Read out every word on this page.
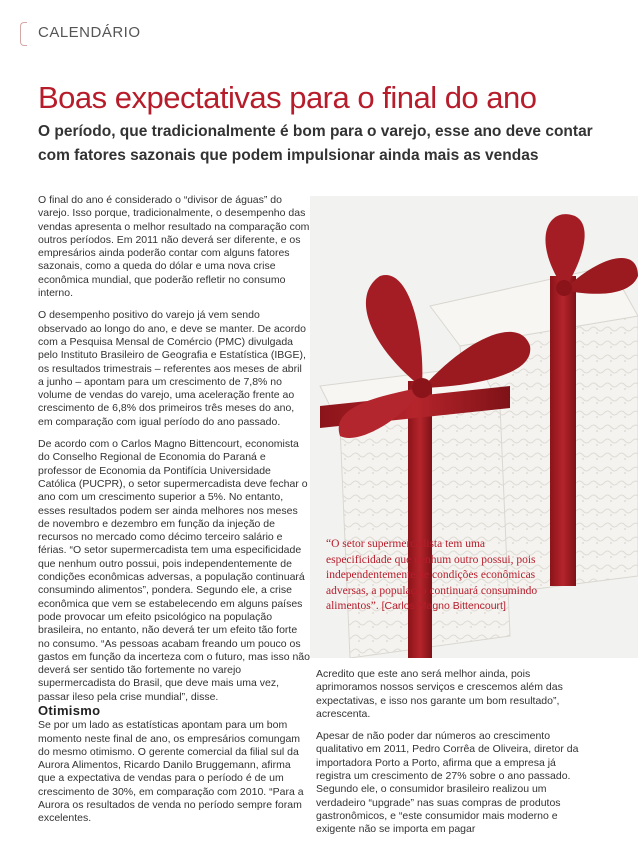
CALENDÁRIO
Boas expectativas para o final do ano
O período, que tradicionalmente é bom para o varejo, esse ano deve contar com fatores sazonais que podem impulsionar ainda mais as vendas
“O setor supermercadista tem uma especificidade que nenhum outro possui, pois independentemente de condições econômicas adversas, a população continuará consumindo alimentos”. [Carlos Magno Bittencourt]

O final do ano é considerado o “divisor de águas” do varejo. Isso porque, tradicionalmente, o desempenho das vendas apresenta o melhor resultado na comparação com outros períodos. Em 2011 não deverá ser diferente, e os empresários ainda poderão contar com alguns fatores sazonais, como a queda do dólar e uma nova crise econômica mundial, que poderão refletir no consumo interno.

O desempenho positivo do varejo já vem sendo observado ao longo do ano, e deve se manter. De acordo com a Pesquisa Mensal de Comércio (PMC) divulgada pelo Instituto Brasileiro de Geografia e Estatística (IBGE), os resultados trimestrais – referentes aos meses de abril a junho – apontam para um crescimento de 7,8% no volume de vendas do varejo, uma aceleração frente ao crescimento de 6,8% dos primeiros três meses do ano, em comparação com igual período do ano passado.

De acordo com o Carlos Magno Bittencourt, economista do Conselho Regional de Economia do Paraná e professor de Economia da Pontifícia Universidade Católica (PUCPR), o setor supermercadista deve fechar o ano com um crescimento superior a 5%. No entanto, esses resultados podem ser ainda melhores nos meses de novembro e dezembro em função da injeção de recursos no mercado como décimo terceiro salário e férias. “O setor supermercadista tem uma especificidade que nenhum outro possui, pois independentemente de condições econômicas adversas, a população continuará consumindo alimentos”, pondera. Segundo ele, a crise econômica que vem se estabelecendo em alguns países pode provocar um efeito psicológico na população brasileira, no entanto, não deverá ter um efeito tão forte no consumo. “As pessoas acabam freando um pouco os gastos em função da incerteza com o futuro, mas isso não deverá ser sentido tão fortemente no varejo supermercadista do Brasil, que deve mais uma vez, passar ileso pela crise mundial”, disse.

Otimismo

Se por um lado as estatísticas apontam para um bom momento neste final de ano, os empresários comungam do mesmo otimismo. O gerente comercial da filial sul da Aurora Alimentos, Ricardo Danilo Bruggemann, afirma que a expectativa de vendas para o período é de um crescimento de 30%, em comparação com 2010. “Para a Aurora os resultados de venda no período sempre foram excelentes.

Acredito que este ano será melhor ainda, pois aprimoramos nossos serviços e crescemos além das expectativas, e isso nos garante um bom resultado”, acrescenta.

Apesar de não poder dar números ao crescimento qualitativo em 2011, Pedro Corrêa de Oliveira, diretor da importadora Porto a Porto, afirma que a empresa já registra um crescimento de 27% sobre o ano passado. Segundo ele, o consumidor brasileiro realizou um verdadeiro “upgrade” nas suas compras de produtos gastronômicos, e “este consumidor mais moderno e exigente não se importa em pagar
